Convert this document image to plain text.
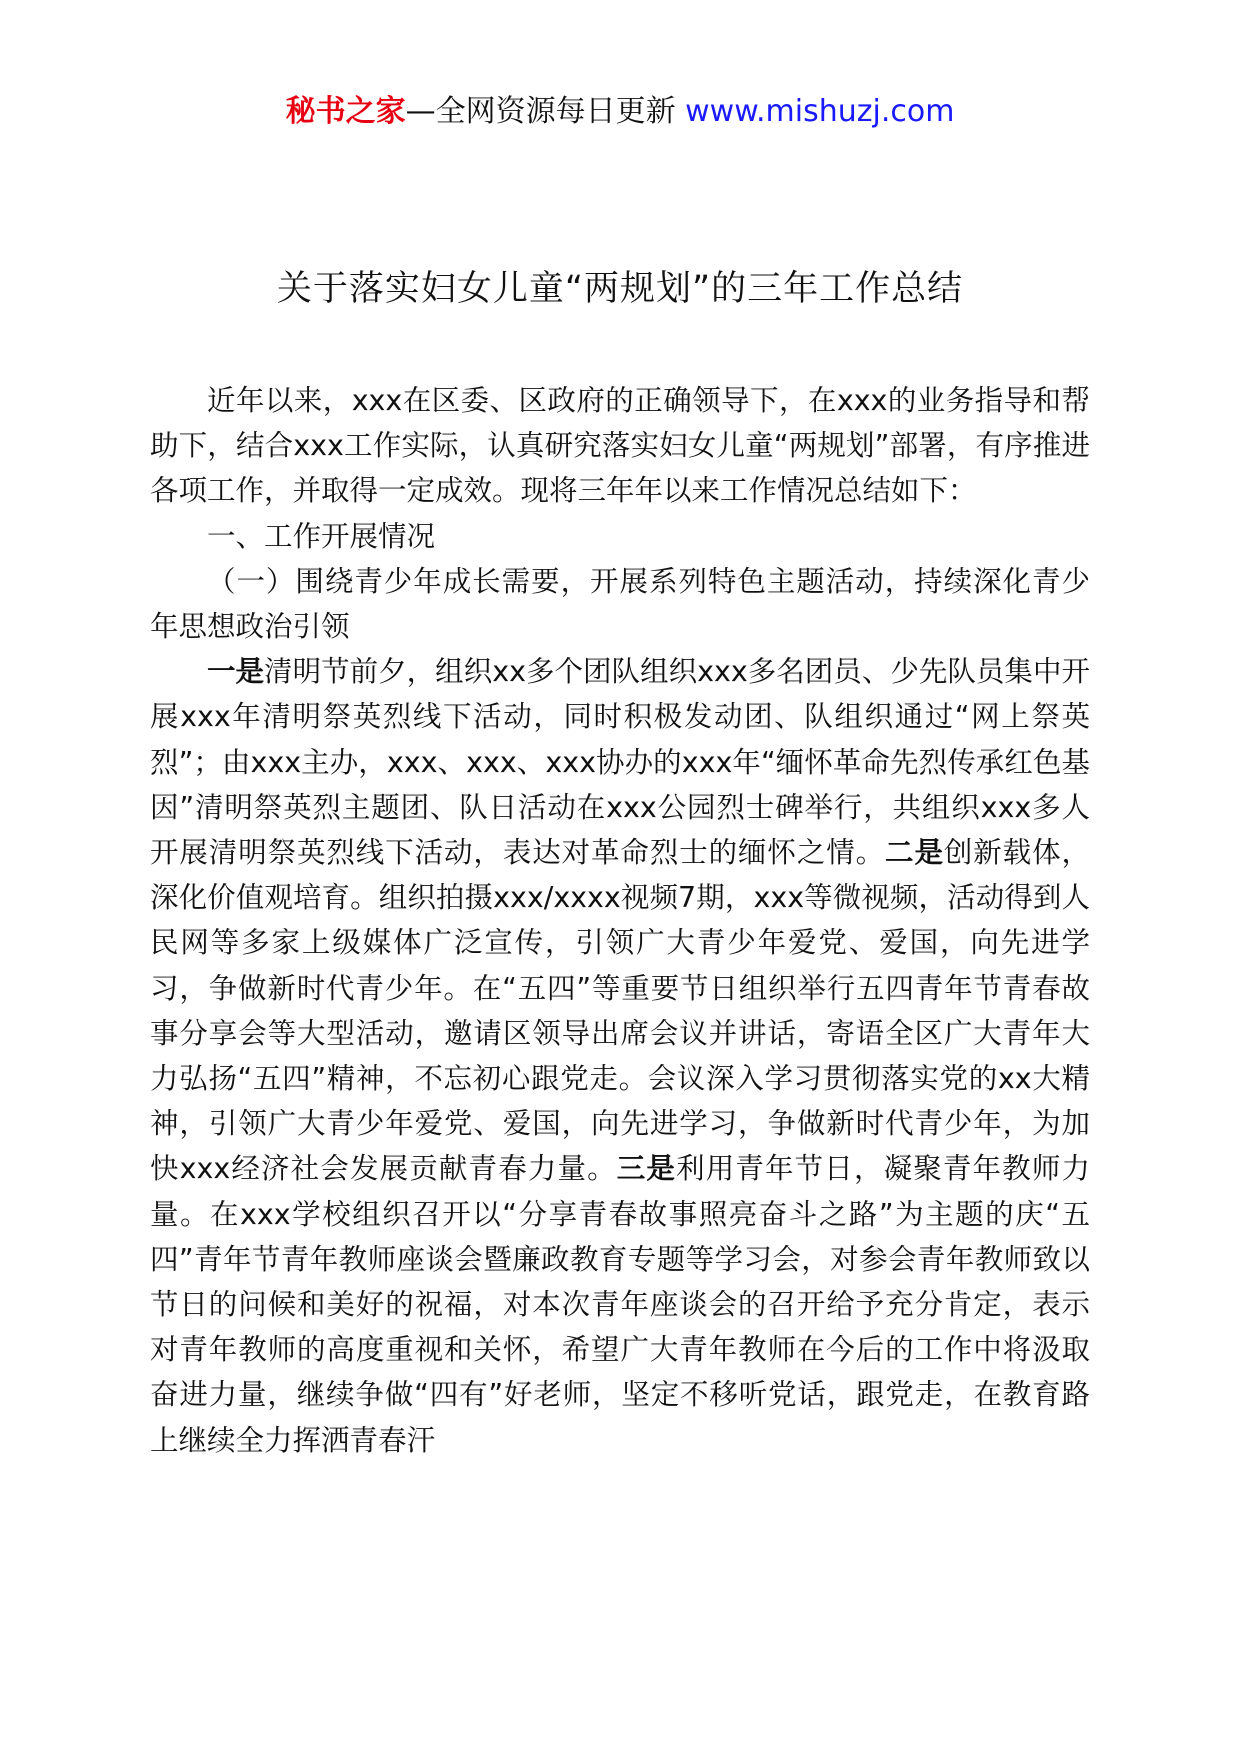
秘书之家—全网资源每日更新 www.mishuzj.com
关于落实妇女儿童“两规划”的三年工作总结

近年以来，xxx在区委、区政府的正确领导下，在xxx的业务指导和帮助下，结合xxx工作实际，认真研究落实妇女儿童“两规划”部署，有序推进各项工作，并取得一定成效。现将三年年以来工作情况总结如下：

一、工作开展情况

（一）围绕青少年成长需要，开展系列特色主题活动，持续深化青少年思想政治引领

一是清明节前夕，组织xx多个团队组织xxx多名团员、少先队员集中开展xxx年清明祭英烈线下活动，同时积极发动团、队组织通过“网上祭英烈”；由xxx主办，xxx、xxx、xxx协办的xxx年“缅怀革命先烈传承红色基因”清明祭英烈主题团、队日活动在xxx公园烈士碑举行，共组织xxx多人开展清明祭英烈线下活动，表达对革命烈士的缅怀之情。二是创新载体，深化价值观培育。组织拍摄xxx/xxxx视频7期，xxx等微视频，活动得到人民网等多家上级媒体广泛宣传，引领广大青少年爱党、爱国，向先进学习，争做新时代青少年。在“五四”等重要节日组织举行五四青年节青春故事分享会等大型活动，邀请区领导出席会议并讲话，寄语全区广大青年大力弘扬“五四”精神，不忘初心跟党走。会议深入学习贯彻落实党的xx大精神，引领广大青少年爱党、爱国，向先进学习，争做新时代青少年，为加快xxx经济社会发展贡献青春力量。三是利用青年节日，凝聚青年教师力量。在xxx学校组织召开以“分享青春故事照亮奋斗之路”为主题的庆“五四”青年节青年教师座谈会暨廉政教育专题等学习会，对参会青年教师致以节日的问候和美好的祝福，对本次青年座谈会的召开给予充分肯定，表示对青年教师的高度重视和关怀，希望广大青年教师在今后的工作中将汲取奋进力量，继续争做“四有”好老师，坚定不移听党话，跟党走，在教育路上继续全力挥洒青春汗
